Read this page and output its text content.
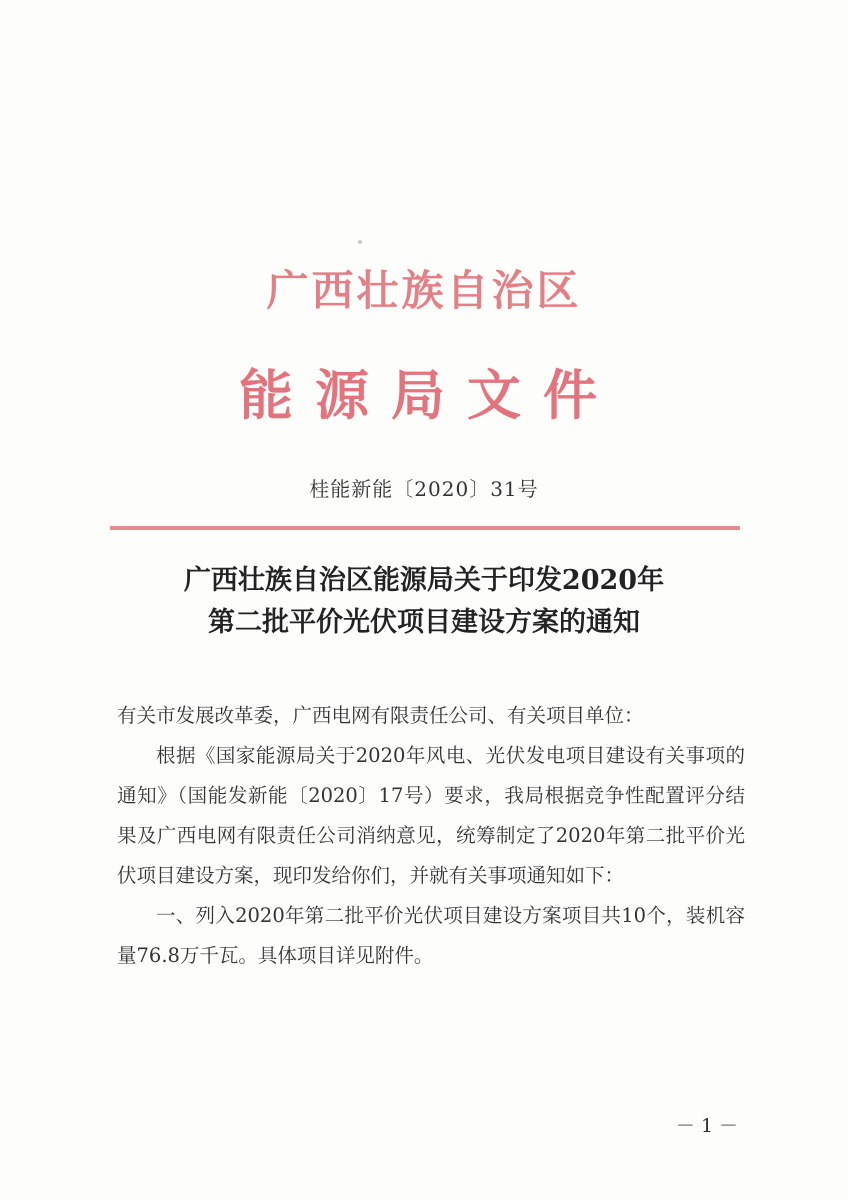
广西壮族自治区
能源局文件
桂能新能〔2020〕31号
广西壮族自治区能源局关于印发2020年
第二批平价光伏项目建设方案的通知

有关市发展改革委，广西电网有限责任公司、有关项目单位：

根据《国家能源局关于2020年风电、光伏发电项目建设有关事项的通知》（国能发新能〔2020〕17号）要求，我局根据竞争性配置评分结果及广西电网有限责任公司消纳意见，统筹制定了2020年第二批平价光伏项目建设方案，现印发给你们，并就有关事项通知如下：

一、列入2020年第二批平价光伏项目建设方案项目共10个，装机容量76.8万千瓦。具体项目详见附件。

－1－
